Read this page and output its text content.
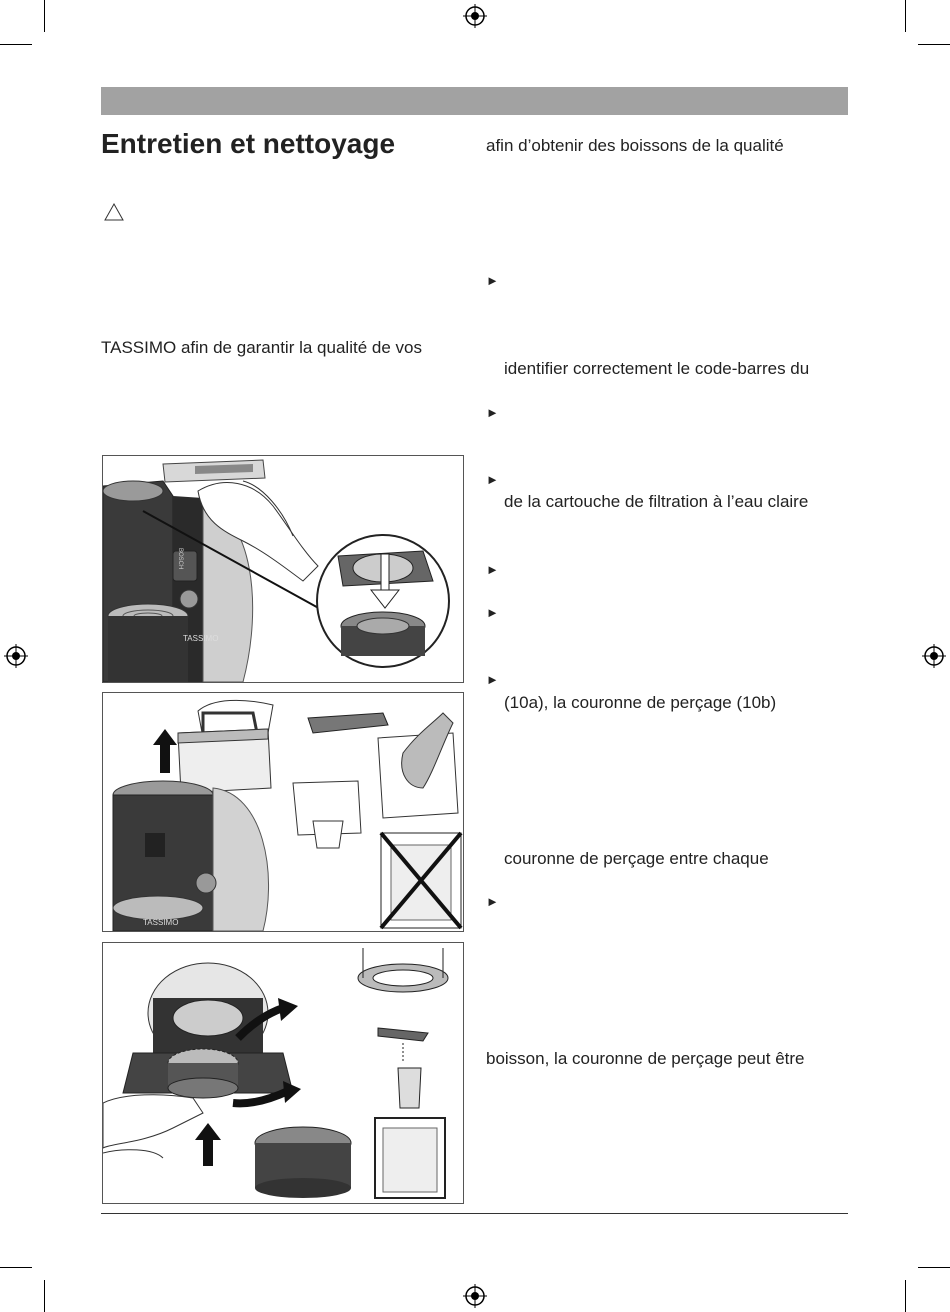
Entretien et nettoyage
TASSIMO afin de garantir la qualité de vos
afin d’obtenir des boissons de la qualité
►
identifier correctement le code-barres du
►
►
de la cartouche de filtration à l’eau claire
►
►
►
(10a), la couronne de perçage (10b)
couronne de perçage entre chaque
►
boisson, la couronne de perçage peut être
TASSIMO
BOSCH
TASSIMO
